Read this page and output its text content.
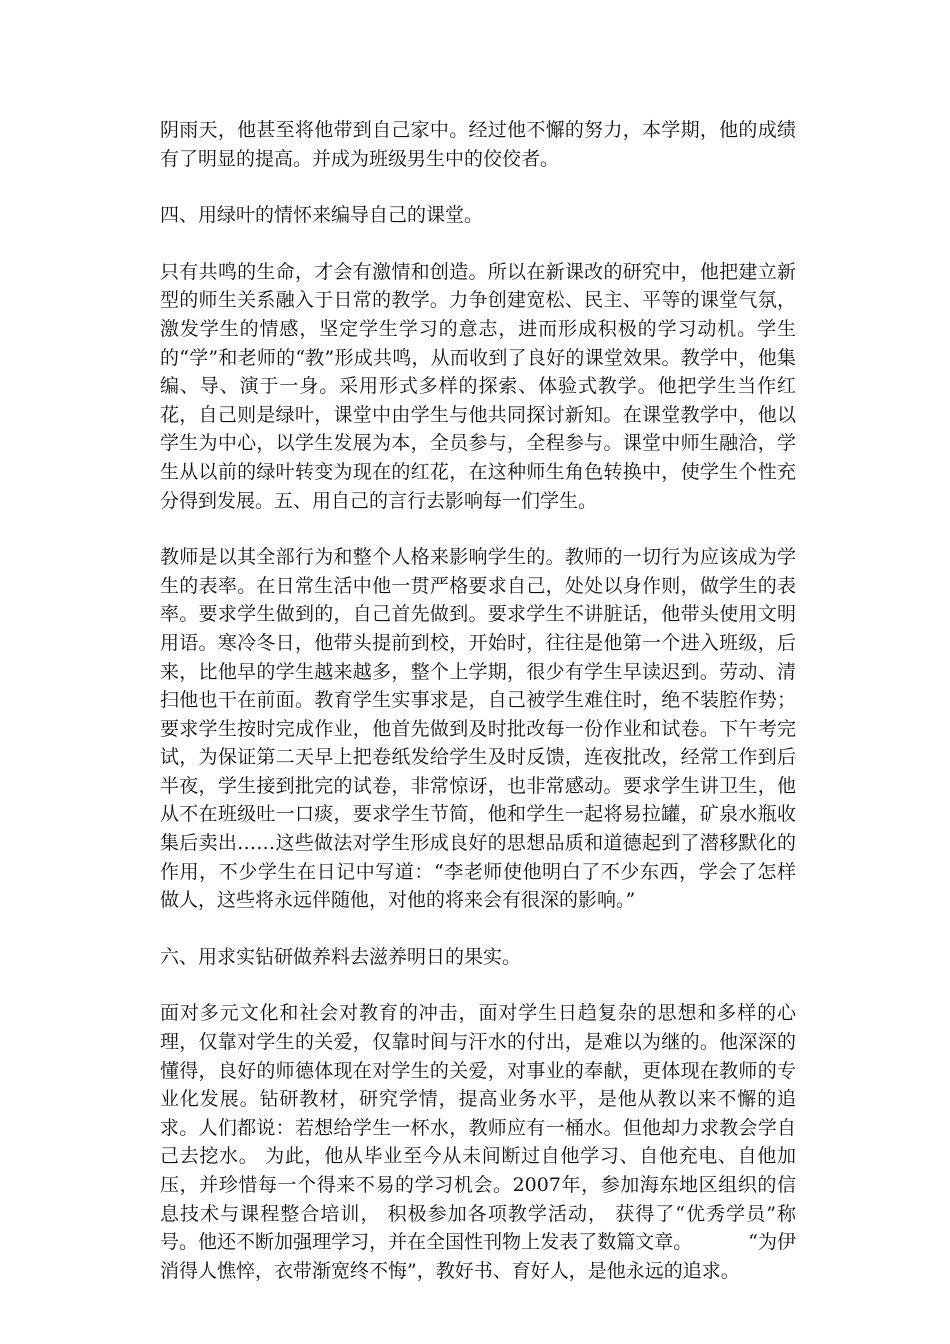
阴雨天，他甚至将他带到自己家中。经过他不懈的努力，本学期，他的成绩有了明显的提高。并成为班级男生中的佼佼者。

四、用绿叶的情怀来编导自己的课堂。

只有共鸣的生命，才会有激情和创造。所以在新课改的研究中，他把建立新型的师生关系融入于日常的教学。力争创建宽松、民主、平等的课堂气氛，激发学生的情感，坚定学生学习的意志，进而形成积极的学习动机。学生的“学”和老师的“教”形成共鸣，从而收到了良好的课堂效果。教学中，他集编、导、演于一身。采用形式多样的探索、体验式教学。他把学生当作红花，自己则是绿叶，课堂中由学生与他共同探讨新知。在课堂教学中，他以学生为中心，以学生发展为本，全员参与，全程参与。课堂中师生融洽，学生从以前的绿叶转变为现在的红花，在这种师生角色转换中，使学生个性充分得到发展。五、用自己的言行去影响每一们学生。

教师是以其全部行为和整个人格来影响学生的。教师的一切行为应该成为学生的表率。在日常生活中他一贯严格要求自己，处处以身作则，做学生的表率。要求学生做到的，自己首先做到。要求学生不讲脏话，他带头使用文明用语。寒冷冬日，他带头提前到校，开始时，往往是他第一个进入班级，后来，比他早的学生越来越多，整个上学期，很少有学生早读迟到。劳动、清扫他也干在前面。教育学生实事求是，自己被学生难住时，绝不装腔作势；要求学生按时完成作业，他首先做到及时批改每一份作业和试卷。下午考完试，为保证第二天早上把卷纸发给学生及时反馈，连夜批改，经常工作到后半夜，学生接到批完的试卷，非常惊讶，也非常感动。要求学生讲卫生，他从不在班级吐一口痰，要求学生节简，他和学生一起将易拉罐，矿泉水瓶收集后卖出……这些做法对学生形成良好的思想品质和道德起到了潜移默化的作用，不少学生在日记中写道：“李老师使他明白了不少东西，学会了怎样做人，这些将永远伴随他，对他的将来会有很深的影响。”

六、用求实钻研做养料去滋养明日的果实。

面对多元文化和社会对教育的冲击，面对学生日趋复杂的思想和多样的心理，仅靠对学生的关爱，仅靠时间与汗水的付出，是难以为继的。他深深的懂得，良好的师德体现在对学生的关爱，对事业的奉献，更体现在教师的专业化发展。钻研教材，研究学情，提高业务水平，是他从教以来不懈的追求。人们都说：若想给学生一杯水，教师应有一桶水。但他却力求教会学自己去挖水。 为此，他从毕业至今从未间断过自他学习、自他充电、自他加压，并珍惜每一个得来不易的学习机会。2007年，参加海东地区组织的信息技术与课程整合培训， 积极参加各项教学活动， 获得了“优秀学员”称号。他还不断加强理学习，并在全国性刊物上发表了数篇文章。	“为伊消得人憔悴，衣带渐宽终不悔”，教好书、育好人，是他永远的追求。
